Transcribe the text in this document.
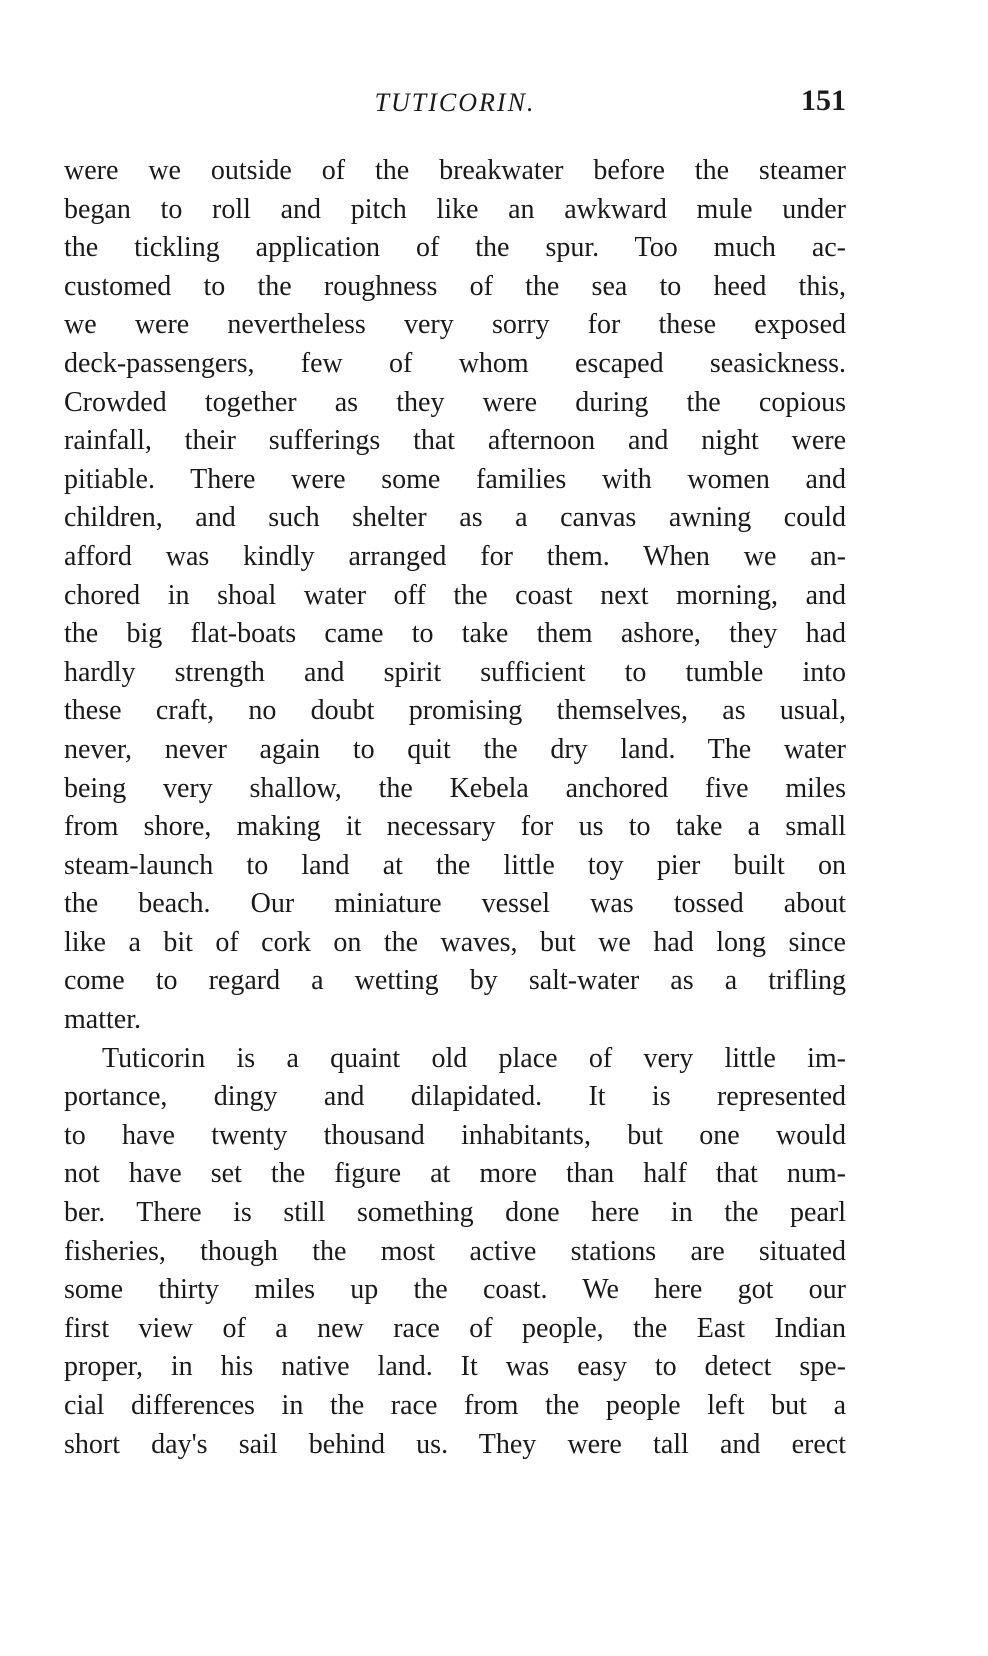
TUTICORIN.	151
were we outside of the breakwater before the steamer
began to roll and pitch like an awkward mule under
the tickling application of the spur. Too much ac-
customed to the roughness of the sea to heed this,
we were nevertheless very sorry for these exposed
deck-passengers, few of whom escaped seasickness.
Crowded together as they were during the copious
rainfall, their sufferings that afternoon and night were
pitiable. There were some families with women and
children, and such shelter as a canvas awning could
afford was kindly arranged for them. When we an-
chored in shoal water off the coast next morning, and
the big flat-boats came to take them ashore, they had
hardly strength and spirit sufficient to tumble into
these craft, no doubt promising themselves, as usual,
never, never again to quit the dry land. The water
being very shallow, the Kebela anchored five miles
from shore, making it necessary for us to take a small
steam-launch to land at the little toy pier built on
the beach. Our miniature vessel was tossed about
like a bit of cork on the waves, but we had long since
come to regard a wetting by salt-water as a trifling
matter.
Tuticorin is a quaint old place of very little im-
portance, dingy and dilapidated. It is represented
to have twenty thousand inhabitants, but one would
not have set the figure at more than half that num-
ber. There is still something done here in the pearl
fisheries, though the most active stations are situated
some thirty miles up the coast. We here got our
first view of a new race of people, the East Indian
proper, in his native land. It was easy to detect spe-
cial differences in the race from the people left but a
short day's sail behind us. They were tall and erect
